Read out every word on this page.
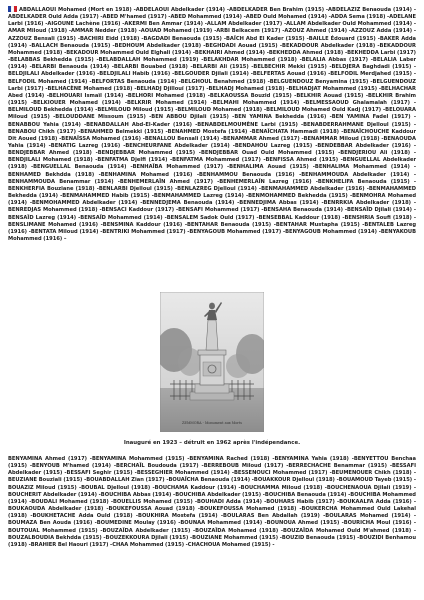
ABDALLAOUI Mohamed (Mort en 1918) -ABDELAOUI Abdelkader (1914) -ABDELKADER Ben Brahim (1915) -ABDELAZIZ Benaouda (1914) -ABDELKADER Ould Adda (1917) -ABED M'hamed (1917) -ABED Mohammed (1914) -ABED Ould Mohamed (1914) -ADDA Sema (1918) -ADELANE Larbi (1916) -AIGOUNE Lachène (1916) -AKERMI Ben Ammar (1914) -ALLAM Abdelkader (1917) -ALLAM Abdelkader Ould Mohammed (1914) -AMAR Miloud (1918) -AMMAR Nedder (1918) -AOUAD Mohamed (1919) -ARBI Belkacem (1917) -AZOUZ Ahmed (1914) -AZZOUZ Adda (1914) -AZZOUZ Bensali (1915) -BACHIRI Eïdd (1918) -BAGDADI Benaouda (1915) -BAÏCH Abd El Kader (1915) -BAILLE Édouard (1915) -BAKER Adda (1914) -BALLACH Benaouda (1915) -BEDHOUM Abdelkader (1918) -BEGHDADI Aouad (1915) -BEKADDOUR Abdelkader (1918) -BEKADDOUR Mohammed (1918) -BEKADOUR Mohammed Ould Elghali (1914) -BEKHAIRI Ahmed (1914) -BEKHEDDA Ahmed (1918) -BEKHEDDA Larbi (1917) -BELABBAS Bekhedda (1915) -BELABDALLAH Mohammed (1919) -BELAKHDAR Mohammed (1918) -BELALIA Abbas (1917) -BELALIA Laber (1914) -BELARBI Benaouda (1914) -BELARBI Bouabed (1918) -BELARBI Ali (1915) -BELBECHIR Mekki (1915) -BELDJERA Baghdadi (1915) -BELDJILALI Abdelkader (1916) -BELDJILALI Habib (1916) -BELGOUDER Djilali (1914) -BELFERTAS Aouad (1916) -BELFODIL Merdjahed (1915) -BELFODIL Mohamed (1914) -BELFORTAS Benaouda (1914) -BELGHOUL Benahmed (1918) -BELGUENDOUZ Benyamina (1915) -BELGUENDOUZ Larbi (1917) -BELHACÈNE Mohamed (1918) -BELHADJ Djillouï (1917) -BELHADJ Mohamed (1918) -BELHADJAT Mohammed (1915) -BELHACHAR Abed (1914) -BELHOUARI Ismaïl (1914) -BELHORI Mohamed (1918) -BELKAOUSSA Bouzid (1915) -BELKHIR Aouad (1915) -BELKHIR Brahim (1915) -BELKIOUER Mohamed (1914) -BELKRIR Mohamed (1914) -BELMAHI Mohammed (1914) -BELMESSAOUD Ghalamalah (1917) -BELMILOUD Bekhedda (1914) -BELMILOUD Miloud (1915) -BELMILOUD Mohamed (1918) -BELMILOUD Mohamed Ould Kadj (1917) -BELOUARA Miloud (1915) -BELOUDDANE Missoum (1915) -BEN ABBOU Djilali (1915) -BEN YAMINA Bekhedda (1916) -BEN YAMINA Fadel (1917) -BENABBOU Yahia (1914) -BENABDALLAH Abd-El-Kader (1916) -BENABDELMOUMÈNE Larbi (1915) -BENABDERRAHMANE Djelloul (1915) -BENABOU Chikh (1917) -BENAHMED Belmekki (1915) -BENAHMED Mostefa (1914) -BENAÏCHATA Hammadi (1918) -BENAÏCHOUCHE Kaddour Dit Aoued (1918) -BENAÏSSA Mohamed (1916) -BENALLOU Bensali (1914) -BENAMMAR Ahmed (1917) -BENAMMAR Miloud (1918) -BENAOUDA Yahia (1914) -BENATIG Lazreg (1916) -BENCHEURFANE Abdelkader (1914) -BENDAHOU Lazreg (1915) -BENDEBBAR Abdelkader (1916) -BENDJEBBAR Ahmed (1918) -BENDJEBBAR Mohammed (1915) -BENDJEBBAR Ouad Ould Mohammed (1915) -BENDJERIOU Ali (1918) -BENDJILALI Mohamed (1918) -BENFATMA Djelfi (1914) -BENFATMA Mohammed (1917) -BENFISSA Ahmed (1915) -BENGUELLAL Abdelkader (1918) -BENGUELLAL Benaouda (1914) -BENHAÏBA Mohammed (1917) -BENHALIMA Aouad (1915) -BENHALIMA Mohammed (1914) -BENHAMED Bekhdda (1918) -BENHAMINA Mohamed (1916) -BENHAMMOU Benaouda (1916) -BENHAMMOUDA Abdelkader (1914) -BENHAMMOUDA Benammar (1914) -BENHEMERLAÏN Ahmed (1917) -BENHEMERLAÏN Lazreg (1916) -BENKHELIFA Benaouda (1915) -BENKHERFIA Bouziane (1918) -BENLARBI Djelloul (1915) -BENLAZREG Djelloul (1914) -BENMAHAMMED Abdelkader (1916) -BENMAHAMMED Bekhedda (1914) -BENMAHAMMED Habib (1915) -BENMAHAMMED Lazreg (1914) -BENMOHAMMED Bekhedda (1915) -BENMOHRA Mohamed (1914) -BENMOHAMMED Abdelkader (1914) -BENNEDJEMA Benaouda (1914) -BENNEDJIMA Abbas (1914) -BENRRKIA Abdelkader (1918) -BENREDJAS Mohammed (1918) -BENSACI Kaddour (1917) -BENSAFI Mohammed (1917) -BENSAHA Benaouda (1914) -BENSAÏD Djilali (1914) -BENSAÏD Lazreg (1914) -BENSAÏD Mohammed (1914) -BENSALEM Sadok Ould (1917) -BENSEBBAL Kaddour (1918) -BENSHRIA Soufi (1918) -BENSLIMANE Mohamed (1916) -BENSMINA Kaddour (1916) -BENTAHAR Benaouda (1915) -BENTAHAR Mustapha (1915) -BENTALEB Lazreg (1916) -BENTATA Miloud (1914) -BENTRIKI Mohammed (1917) -BENYAGOUB Mohammed (1917) -BENYAGOUB Mohammed (1914) -BENYAKOUB Mohammed (1916) –
ZEMMORA - Monument aux Morts
Inauguré en 1923 – détruit en 1962 après l'indépendance.
BENYAMINA Ahmed (1917) -BENYAMINA Mohammed (1915) -BENYAMINA Rached (1918) -BENYAMINA Yahia (1918) -BENYETTOU Benchaa (1915) -BENYOUB M'hamed (1914) -BERCHAÏL Boudouda (1917) -BERREBOUB Miloud (1917) -BERRECHACHE Benammar (1915) -BESSAFI Abdelkader (1915) -BESSAFI Seghir (1915) -BESSEGHIER Mohammed (1914) -BESSENOUCI Mohammed (1917) -BEUMENOUER Chikh (1918) -BEUZIANE Bouziali (1915) -BOUABDALLAH Zian (1917) -BOUAÏCHA Benaouda (1914) -BOUAKKOUR Djelloul (1918) -BOUAMOUD Tayeb (1915) -BOUAZIZ Miloud (1915) -BOUBAL Djelloul (1918) -BOUCHAMA Kaddour (1914) -BOUCHAMMA Miloud (1918) -BOUCHENAOUA Djilali (1919) -BOUCHERIT Abdelkader (1914) -BOUCHIBA Abbas (1914) -BOUCHIBA Abdelkader (1915) -BOUCHIBA Benaouda (1914) -BOUCHIBA Mohammed (1914) -BOUDALI Mohamed (1918) -BOUELLIS Mohamed (1915) -BOUHADI Adda (1914) -BOUHARS Habib (1917) -BOUKAALFA Adda (1916) -BOUKAOUDA Abdelkader (1918) -BOUKEFOUSSA Aouad (1918) -BOUKEFOUSSA Mohamed (1918) -BOUKERCHA Mohammed Ould Lakehal (1918) -BOUKHETACHE Adda Ould (1918) -BOUKHIRA Mostefa (1914) -BOULARAS Ben Abdallah (1919) -BOULARAS Mohamed (1914) -BOUMAZA Ben Aouda (1916) -BOUMEDINE Moulay (1916) -BOUNAA Mohammed (1914) -BOUNOUA Ahmed (1915) -BOURICHA Moul (1916) -BOUTOUAL Mohammed (1915) -BOUZAÏDA Abdelkader (1915) -BOUZAÏDA Mohamed (1918) -BOUZAÏDA Mohamed Ould M'ahmed (1918) -BOUZALBOUDIA Bekhdda (1915) -BOUZEKKOURA Djilali (1915) -BOUZIANE Mohammed (1915) -BOUZID Benaouda (1915) -BOUZIDI Benhamou (1918) -BRAHIER Bel Haouri (1917) -CHAA Mohammed (1915) -CHACHOUA Mohamed (1915) -
